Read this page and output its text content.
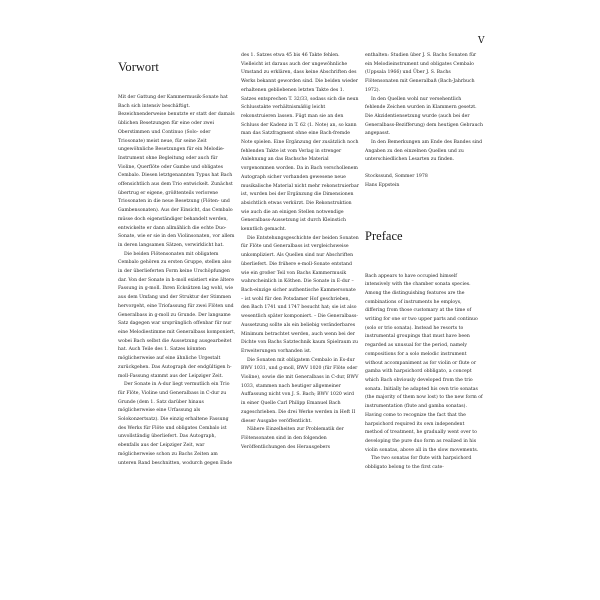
V
Vorwort

Mit der Gattung der Kammermusik-Sonate hat Bach sich intensiv beschäftigt. Bezeichnenderweise benutzte er statt der damals üblichen Besetzungen für eine oder zwei Oberstimmen und Continuo (Solo- oder Triosonate) meist neue, für seine Zeit ungewöhnliche Besetzungen für ein Melodie-Instrument ohne Begleitung oder auch für Violine, Querflöte oder Gambe und obligates Cembalo. Diesen letztgenannten Typus hat Bach offensichtlich aus dem Trio entwickelt. Zunächst übertrug er eigene, größtenteils verlorene Triosonaten in die neue Besetzung (Flöten- und Gambensonaten). Aus der Einsicht, das Cembalo müsse doch eigenständiger behandelt werden, entwickelte er dann allmählich die echte Duo-Sonate, wie er sie in den Violinsonaten, vor allem in deren langsamen Sätzen, verwirklicht hat.

Die beiden Flötensonaten mit obligatem Cembalo gehören zu ersten Gruppe, stellen also in der überlieferten Form keine Urschöpfungen dar. Von der Sonate in h-moll existiert eine ältere Fassung in g-moll. Ihren Ecksätzen lag wohl, wie aus dem Umfang und der Struktur der Stimmen hervorgeht, eine Triofassung für zwei Flöten und Generalbass in g-moll zu Grunde. Der langsame Satz dagegen war ursprünglich offenbar für nur eine Melodiestimme mit Generalbass komponiert, wobei Bach selbst die Aussetzung ausgearbeitet hat. Auch Teile des 1. Satzes könnten möglicherweise auf eine ähnliche Urgestalt zurückgehen. Das Autograph der endgültigen h-moll-Fassung stammt aus der Leipziger Zeit.

Der Sonate in A-dur liegt vermutlich ein Trio für Flöte, Violine und Generalbass in C-dur zu Grunde (dem 1. Satz darüber hinaus möglicherweise eine Urfassung als Solokonzertsatz). Die einzig erhaltene Fassung des Werks für Flöte und obligates Cembalo ist unvollständig überliefert. Das Autograph, ebenfalls aus der Leipziger Zeit, war möglicherweise schon zu Bachs Zeiten am unteren Rand beschnitten, wodurch gegen Ende

des 1. Satzes etwa 45 bis 46 Takte fehlen. Vielleicht ist daraus auch der ungewöhnliche Umstand zu erklären, dass keine Abschriften des Werks bekannt geworden sind. Die beiden wieder erhaltenen gebliebenen letzten Takte des 1. Satzes entsprechen T. 32/33, sodass sich die neun Schlusstakte verhältnismäßig leicht rekonstruieren lassen. Fügt man sie an den Schluss der Kadenz in T. 62 (1. Note) an, so kann man das Satzfragment ohne eine Bach-fremde Note spielen. Eine Ergänzung der zusätzlich noch fehlenden Takte ist vom Verlag in strenger Anlehnung an das Bachsche Material vorgenommen worden. Da in Bach verschollenem Autograph sicher vorhanden gewesene neue musikalische Material nicht mehr rekonstruierbar ist, wurden bei der Ergänzung die Dimensionen absichtlich etwas verkürzt. Die Rekonstruktion wie auch die an einigen Stellen notwendige Generalbass-Aussetzung ist durch Kleinstich kenntlich gemacht.

Die Entstehungsgeschichte der beiden Sonaten für Flöte und Generalbass ist vergleichsweise unkompliziert. Als Quellen sind nur Abschriften überliefert. Die frühere e-moll-Sonate entstand wie ein großer Teil von Bachs Kammermusik wahrscheinlich in Köthen. Die Sonate in E-dur – Bach-einzige sicher authentische Kammersonate – ist wohl für den Potsdamer Hof geschrieben, den Bach 1741 und 1747 besucht hat; sie ist also wesentlich später komponiert. – Die Generalbass-Aussetzung sollte als ein beliebig veränderbares Minimum betrachtet werden, auch wenn bei der Dichte von Bachs Satztechnik kaum Spielraum zu Erweiterungen vorhanden ist.

Die Sonaten mit obligatem Cembalo in Es-dur BWV 1031, und g-moll, BWV 1020 (für Flöte oder Violine), sowie die mit Generalbass in C-dur, BWV 1033, stammen nach heutiger allgemeiner Auffassung nicht von J. S. Bach; BWV 1020 wird in einer Quelle Carl Philipp Emanuel Bach zugeschrieben. Die drei Werke werden in Heft II dieser Ausgabe veröffentlicht.

Nähere Einzelheiten zur Problematik der Flötensonaten sind in den folgenden Veröffentlichungen des Herausgebers

enthalten: Studien über J. S. Bachs Sonaten für ein Melodieinstrument und obligates Cembalo (Uppsala 1966) und Über J. S. Bachs Flötensonaten mit Generalbaß (Bach-Jahrbuch 1972).

In den Quellen wohl nur versehentlich fehlende Zeichen wurden in Klammern gesetzt. Die Akzidentiensetzung wurde (auch bei der Generalbass-Bezifferung) dem heutigen Gebrauch angepasst.

In den Bemerkungen am Ende des Bandes sind Angaben zu den einzelnen Quellen und zu unterschiedlichen Lesarten zu finden.

Stockssund, Sommer 1978
Hans Eppstein
Preface

Bach appears to have occupied himself intensively with the chamber sonata species. Among the distinguishing features are the combinations of instruments he employs, differing from those customary at the time of writing for one or two upper parts and continuo (solo or trio sonata). Instead he resorts to instrumental groupings that must have been regarded as unusual for the period, namely compositions for a solo melodic instrument without accompaniment as for violin or flute or gamba with harpsichord obbligato, a concept which Bach obviously developed from the trio sonata. Initially he adapted his own trio sonatas (the majority of them now lost) to the new form of instrumentation (flute and gamba sonatas). Having come to recognize the fact that the harpsichord required its own independent method of treatment, he gradually went over to developing the pure duo form as realized in his violin sonatas, above all in the slow movements.

The two sonatas for flute with harpsichord obbligato belong to the first cate-
